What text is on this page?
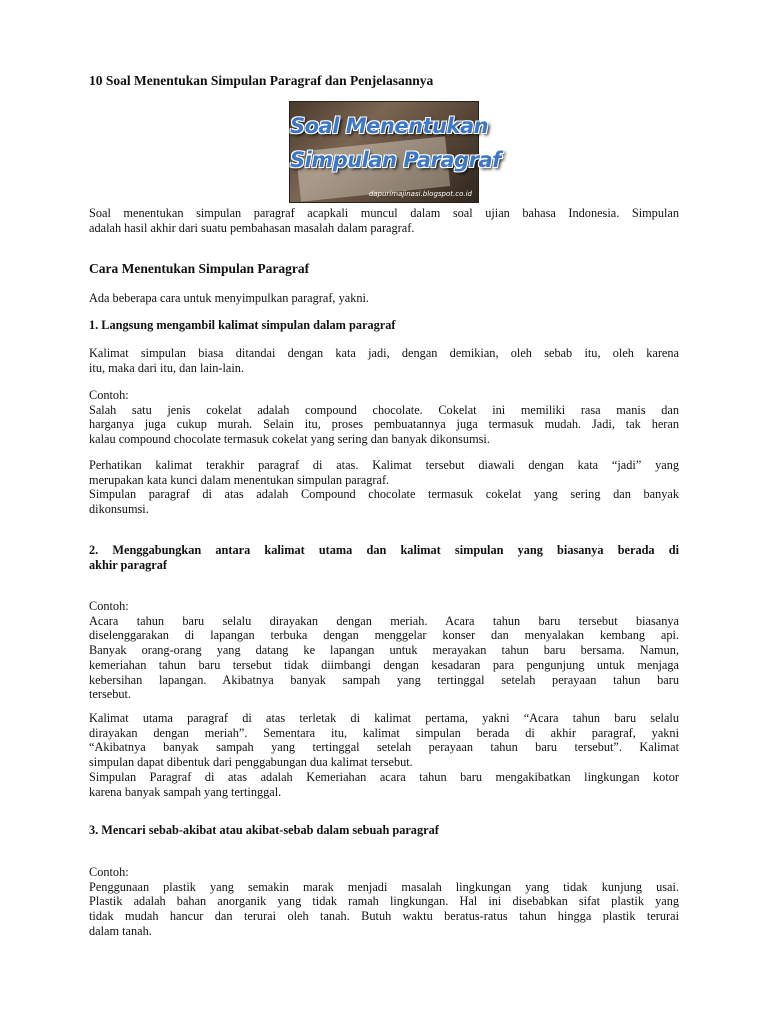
10 Soal Menentukan Simpulan Paragraf dan Penjelasannya
Soal Menentukan
Simpulan Paragraf
dapurimajinasi.blogspot.co.id

Soal menentukan simpulan paragraf acapkali muncul dalam soal ujian bahasa Indonesia. Simpulan
adalah hasil akhir dari suatu pembahasan masalah dalam paragraf.

Cara Menentukan Simpulan Paragraf

Ada beberapa cara untuk menyimpulkan paragraf, yakni.

1. Langsung mengambil kalimat simpulan dalam paragraf

Kalimat simpulan biasa ditandai dengan kata jadi, dengan demikian, oleh sebab itu, oleh karena
itu, maka dari itu, dan lain-lain.

Contoh:
Salah satu jenis cokelat adalah compound chocolate. Cokelat ini memiliki rasa manis dan
harganya juga cukup murah. Selain itu, proses pembuatannya juga termasuk mudah. Jadi, tak heran
kalau compound chocolate termasuk cokelat yang sering dan banyak dikonsumsi.

Perhatikan kalimat terakhir paragraf di atas. Kalimat tersebut diawali dengan kata “jadi” yang
merupakan kata kunci dalam menentukan simpulan paragraf.
Simpulan paragraf di atas adalah Compound chocolate termasuk cokelat yang sering dan banyak
dikonsumsi.

2. Menggabungkan antara kalimat utama dan kalimat simpulan yang biasanya berada di
akhir paragraf

Contoh:
Acara tahun baru selalu dirayakan dengan meriah. Acara tahun baru tersebut biasanya
diselenggarakan di lapangan terbuka dengan menggelar konser dan menyalakan kembang api.
Banyak orang-orang yang datang ke lapangan untuk merayakan tahun baru bersama. Namun,
kemeriahan tahun baru tersebut tidak diimbangi dengan kesadaran para pengunjung untuk menjaga
kebersihan lapangan. Akibatnya banyak sampah yang tertinggal setelah perayaan tahun baru
tersebut.

Kalimat utama paragraf di atas terletak di kalimat pertama, yakni “Acara tahun baru selalu
dirayakan dengan meriah”. Sementara itu, kalimat simpulan berada di akhir paragraf, yakni
“Akibatnya banyak sampah yang tertinggal setelah perayaan tahun baru tersebut”. Kalimat
simpulan dapat dibentuk dari penggabungan dua kalimat tersebut.
Simpulan Paragraf di atas adalah Kemeriahan acara tahun baru mengakibatkan lingkungan kotor
karena banyak sampah yang tertinggal.

3. Mencari sebab-akibat atau akibat-sebab dalam sebuah paragraf

Contoh:
Penggunaan plastik yang semakin marak menjadi masalah lingkungan yang tidak kunjung usai.
Plastik adalah bahan anorganik yang tidak ramah lingkungan. Hal ini disebabkan sifat plastik yang
tidak mudah hancur dan terurai oleh tanah. Butuh waktu beratus-ratus tahun hingga plastik terurai
dalam tanah.
